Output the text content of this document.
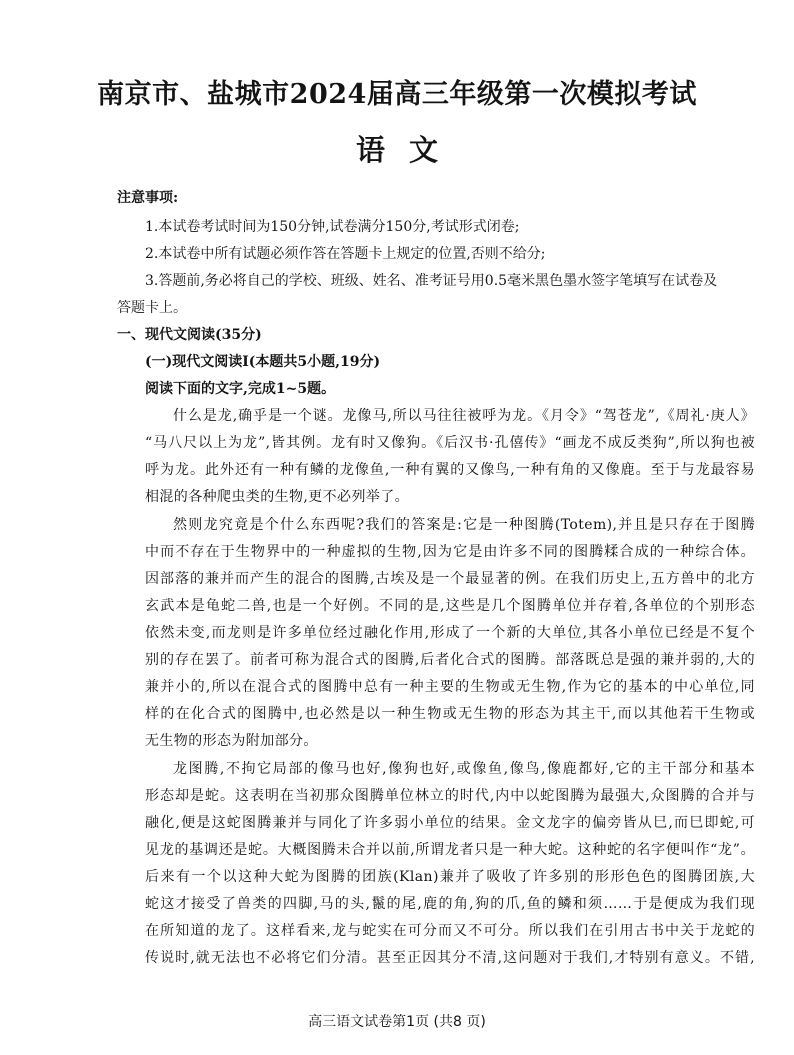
南京市、盐城市2024届高三年级第一次模拟考试
语 文
注意事项:
1.本试卷考试时间为150分钟,试卷满分150分,考试形式闭卷;
2.本试卷中所有试题必须作答在答题卡上规定的位置,否则不给分;
3.答题前,务必将自己的学校、班级、姓名、准考证号用0.5毫米黑色墨水签字笔填写在试卷及
答题卡上。
一、现代文阅读(35分)
(一)现代文阅读Ⅰ(本题共5小题,19分)
阅读下面的文字,完成1~5题。
什么是龙,确乎是一个谜。龙像马,所以马往往被呼为龙。《月令》“驾苍龙”,《周礼·庚人》
“马八尺以上为龙”,皆其例。龙有时又像狗。《后汉书·孔僖传》“画龙不成反类狗”,所以狗也被
呼为龙。此外还有一种有鳞的龙像鱼,一种有翼的又像鸟,一种有角的又像鹿。至于与龙最容易
相混的各种爬虫类的生物,更不必列举了。
然则龙究竟是个什么东西呢?我们的答案是:它是一种图腾(Totem),并且是只存在于图腾
中而不存在于生物界中的一种虚拟的生物,因为它是由许多不同的图腾糅合成的一种综合体。
因部落的兼并而产生的混合的图腾,古埃及是一个最显著的例。在我们历史上,五方兽中的北方
玄武本是龟蛇二兽,也是一个好例。不同的是,这些是几个图腾单位并存着,各单位的个别形态
依然未变,而龙则是许多单位经过融化作用,形成了一个新的大单位,其各小单位已经是不复个
别的存在罢了。前者可称为混合式的图腾,后者化合式的图腾。部落既总是强的兼并弱的,大的
兼并小的,所以在混合式的图腾中总有一种主要的生物或无生物,作为它的基本的中心单位,同
样的在化合式的图腾中,也必然是以一种生物或无生物的形态为其主干,而以其他若干生物或
无生物的形态为附加部分。
龙图腾,不拘它局部的像马也好,像狗也好,或像鱼,像鸟,像鹿都好,它的主干部分和基本
形态却是蛇。这表明在当初那众图腾单位林立的时代,内中以蛇图腾为最强大,众图腾的合并与
融化,便是这蛇图腾兼并与同化了许多弱小单位的结果。金文龙字的偏旁皆从巳,而巳即蛇,可
见龙的基调还是蛇。大概图腾未合并以前,所谓龙者只是一种大蛇。这种蛇的名字便叫作“龙”。
后来有一个以这种大蛇为图腾的团族(Klan)兼并了吸收了许多别的形形色色的图腾团族,大
蛇这才接受了兽类的四脚,马的头,鬣的尾,鹿的角,狗的爪,鱼的鳞和须……于是便成为我们现
在所知道的龙了。这样看来,龙与蛇实在可分而又不可分。所以我们在引用古书中关于龙蛇的
传说时,就无法也不必将它们分清。甚至正因其分不清,这问题对于我们,才特别有意义。不错,
高三语文试卷第1页 (共8 页)
